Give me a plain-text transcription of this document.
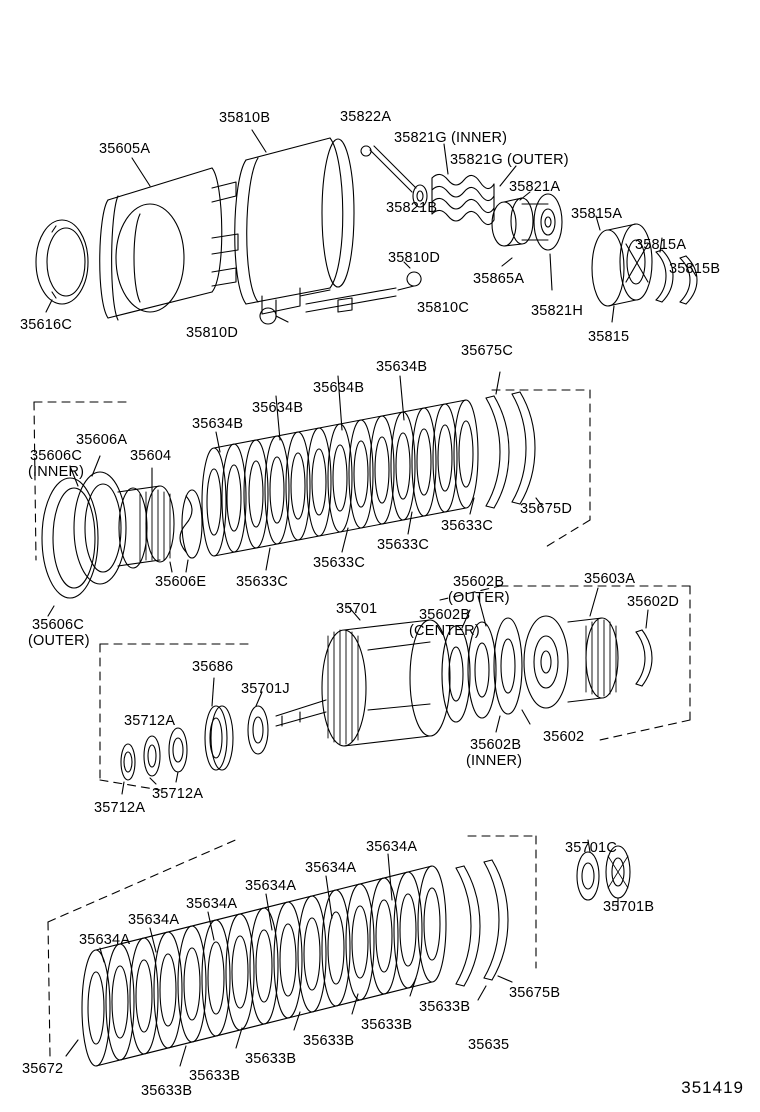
35810B	35822A
35821G (INNER)
35605A
35821G (OUTER)
35821A
35821B	35815A
35815A
35815B
35810D
35865A
35821H
35815
35810C
35616C	35810D
35675C
35634B
35634B
35634B
35634B
35606A
35606C	35604
(INNER)
35675D
35633C
35633C
35633C
35606E 35633C	35602B
(OUTER)
35603A
35602B
35602D
35606C
(OUTER)
35701
(CENTER)
35686
35701J
35712A
35602B 35602
(INNER)
35712A
35712A
35634A	35701C
35634A
35634A
35634A
35634A
35701B
35634A
35675B
35633B
35633B
35633B	35635
35633B
35672	35633B
35633B	351419
